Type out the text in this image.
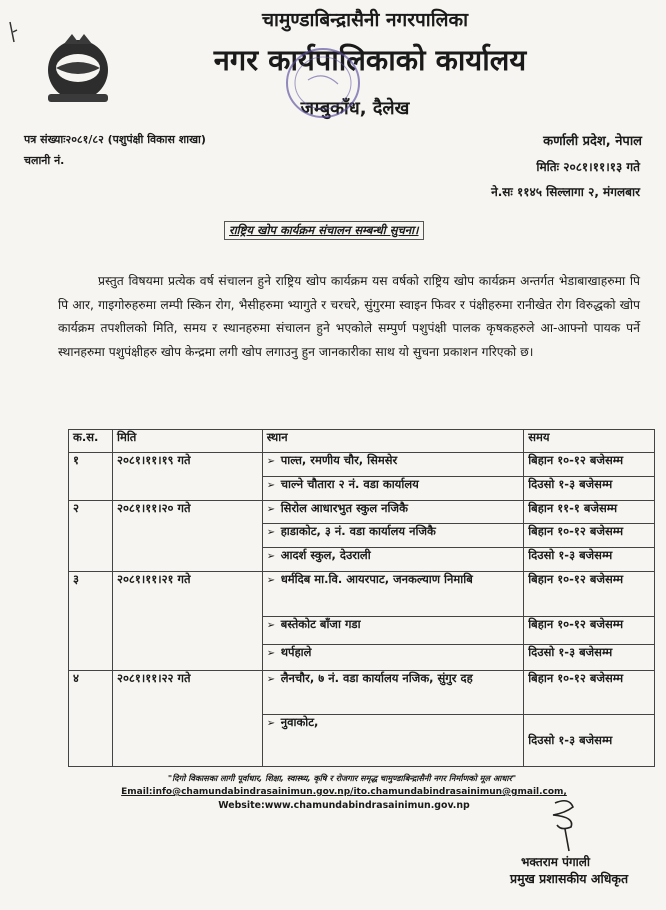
चामुण्डाबिन्द्रासैनी नगरपालिका
नगर कार्यपालिकाको कार्यालय
जम्बुकाँध, दैलेख
पत्र संख्याः२०८१/८२ (पशुपंक्षी विकास शाखा)
चलानी नं.
कर्णाली प्रदेश, नेपाल
मितिः २०८१।११।१३ गते
ने.सः ११४५ सिल्लागा २, मंगलबार
राष्ट्रिय खोप कार्यक्रम संचालन सम्बन्धी सुचना।
प्रस्तुत विषयमा प्रत्येक वर्ष संचालन हुने राष्ट्रिय खोप कार्यक्रम यस वर्षको राष्ट्रिय खोप कार्यक्रम अन्तर्गत भेडाबाखाहरुमा पि पि आर, गाइगोरुहरुमा लम्पी स्किन रोग, भैसीहरुमा भ्यागुते र चरचरे, सुंगुरमा स्वाइन फिवर र पंक्षीहरुमा रानीखेत रोग विरुद्धको खोप कार्यक्रम तपशीलको मिति, समय र स्थानहरुमा संचालन हुने भएकोले सम्पुर्ण पशुपंक्षी पालक कृषकहरुले आ-आफ्नो पायक पर्ने स्थानहरुमा पशुपंक्षीहरु खोप केन्द्रमा लगी खोप लगाउनु हुन जानकारीका साथ यो सुचना प्रकाशन गरिएको छ।
क.स.	मिति	स्थान	समय
१	२०८१।११।१९ गते	➢ पाल्त, रमणीय चौर, सिमसेर	बिहान १०-१२ बजेसम्म
		➢ चाल्ने चौतारा २ नं. वडा कार्यालय	दिउसो १-३ बजेसम्म
२	२०८१।११।२० गते	➢ सिरोल आधारभुत स्कुल नजिकै	बिहान ११-१ बजेसम्म
		➢ हाडाकोट, ३ नं. वडा कार्यालय नजिकै	बिहान १०-१२ बजेसम्म
		➢ आदर्श स्कुल, देउराली	दिउसो १-३ बजेसम्म
३	२०८१।११।२१ गते	➢ धर्मदिब मा.वि. आयरपाट, जनकल्याण निमाबि	बिहान १०-१२ बजेसम्म
		➢ बस्तेकोट बाँजा गडा	बिहान १०-१२ बजेसम्म
		➢ थर्पहाले	दिउसो १-३ बजेसम्म
४	२०८१।११।२२ गते	➢ लैनचौर, ७ नं. वडा कार्यालय नजिक, सुंगुर दह	बिहान १०-१२ बजेसम्म
		➢ नुवाकोट,	दिउसो १-३ बजेसम्म
"दिगो विकासका लागी पूर्वाधार, शिक्षा, स्वास्थ्य, कृषि र रोजगार समृद्ध चामुण्डाबिन्द्रासैनी नगर निर्माणको मूल आधार"
Email:info@chamundabindrasainimun.gov.np/ito.chamundabindrasainimun@gmail.com,
Website:www.chamundabindrasainimun.gov.np
भक्तराम पंगाली
प्रमुख प्रशासकीय अधिकृत
